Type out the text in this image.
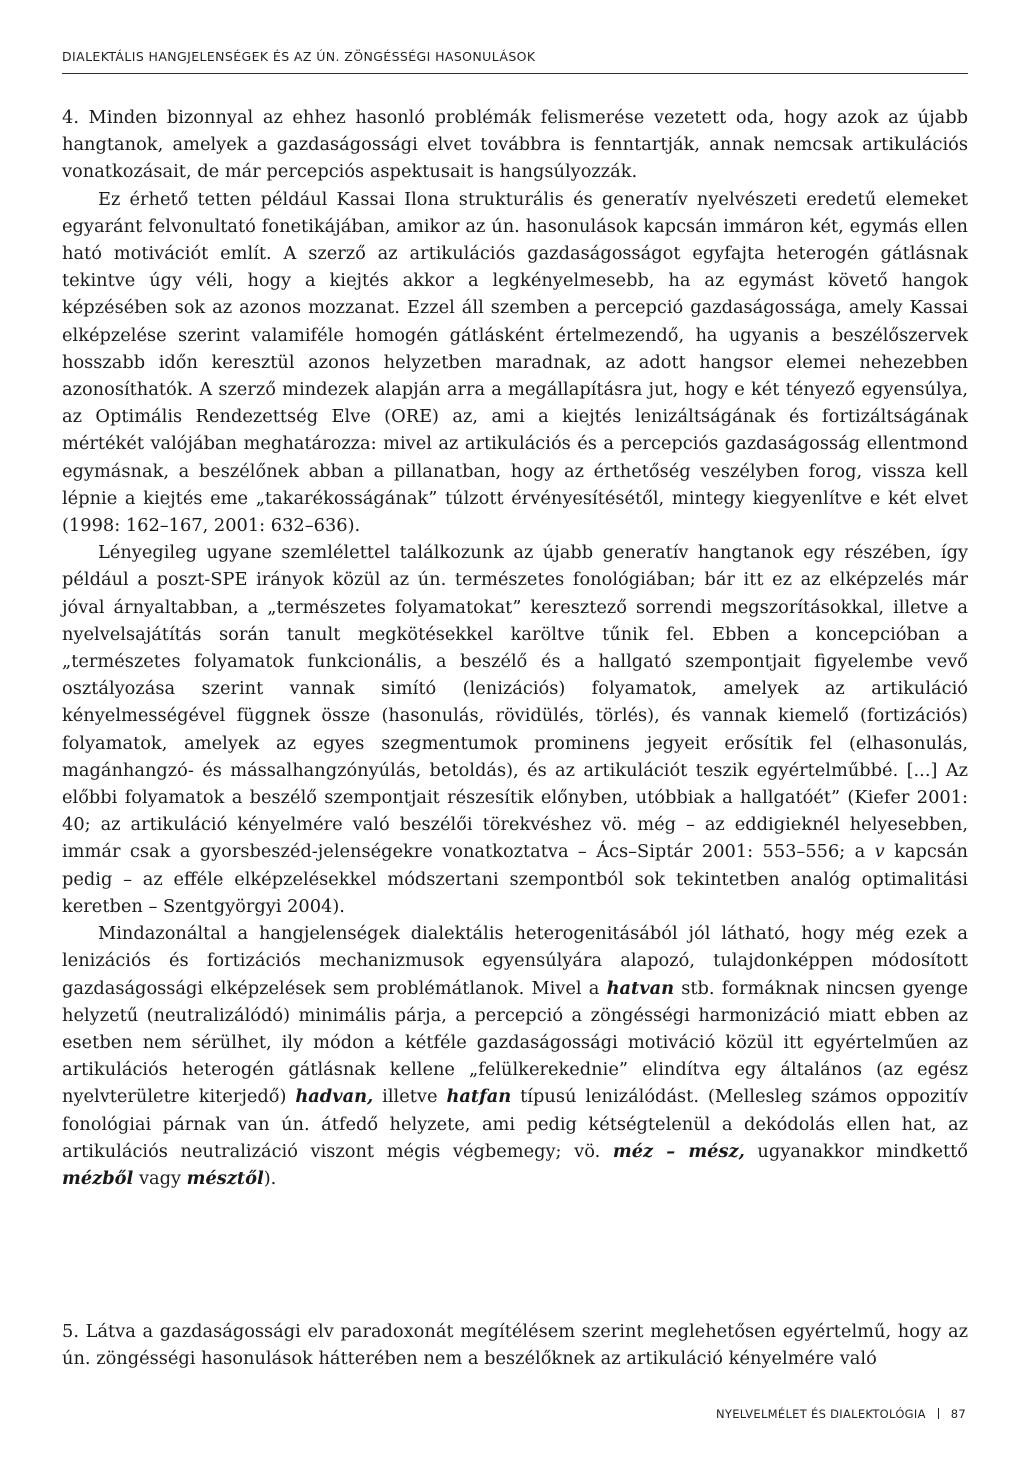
DIALEKTÁLIS HANGJELENSÉGEK ÉS AZ ÚN. ZÖNGÉSSÉGI HASONULÁSOK

4. Minden bizonnyal az ehhez hasonló problémák felismerése vezetett oda, hogy azok az újabb hangtanok, amelyek a gazdaságossági elvet továbbra is fenntartják, annak nemcsak artikulációs vonatkozásait, de már percepciós aspektusait is hangsúlyozzák.

Ez érhető tetten például Kassai Ilona strukturális és generatív nyelvészeti eredetű elemeket egyaránt felvonultató fonetikájában, amikor az ún. hasonulások kapcsán immáron két, egymás ellen ható motivációt említ. A szerző az artikulációs gazdaságosságot egyfajta heterogén gátlásnak tekintve úgy véli, hogy a kiejtés akkor a legkényelmesebb, ha az egymást követő hangok képzésében sok az azonos mozzanat. Ezzel áll szemben a percepció gazdaságossága, amely Kassai elképzelése szerint valamiféle homogén gátlásként értelmezendő, ha ugyanis a beszélőszervek hosszabb időn keresztül azonos helyzetben maradnak, az adott hangsor elemei nehezebben azonosíthatók. A szerző mindezek alapján arra a megállapításra jut, hogy e két tényező egyensúlya, az Optimális Rendezettség Elve (ORE) az, ami a kiejtés lenizáltságának és fortizáltságának mértékét valójában meghatározza: mivel az artikulációs és a percepciós gazdaságosság ellentmond egymásnak, a beszélőnek abban a pillanatban, hogy az érthetőség veszélyben forog, vissza kell lépnie a kiejtés eme „takarékosságának” túlzott érvényesítésétől, mintegy kiegyenlítve e két elvet (1998: 162–167, 2001: 632–636).

Lényegileg ugyane szemlélettel találkozunk az újabb generatív hangtanok egy részében, így például a poszt-SPE irányok közül az ún. természetes fonológiában; bár itt ez az elképzelés már jóval árnyaltabban, a „természetes folyamatokat” keresztező sorrendi megszorításokkal, illetve a nyelvelsajátítás során tanult megkötésekkel karöltve tűnik fel. Ebben a koncepcióban a „természetes folyamatok funkcionális, a beszélő és a hallgató szempontjait figyelembe vevő osztályozása szerint vannak simító (lenizációs) folyamatok, amelyek az artikuláció kényelmességével függnek össze (hasonulás, rövidülés, törlés), és vannak kiemelő (fortizációs) folyamatok, amelyek az egyes szegmentumok prominens jegyeit erősítik fel (elhasonulás, magánhangzó- és mássalhangzónyúlás, betoldás), és az artikulációt teszik egyértelműbbé. [...] Az előbbi folyamatok a beszélő szempontjait részesítik előnyben, utóbbiak a hallgatóét” (Kiefer 2001: 40; az artikuláció kényelmére való beszélői törekvéshez vö. még – az eddigieknél helyesebben, immár csak a gyorsbeszéd-jelenségekre vonatkoztatva – Ács–Siptár 2001: 553–556; a v kapcsán pedig – az efféle elképzelésekkel módszertani szempontból sok tekintetben analóg optimalitási keretben – Szentgyörgyi 2004).

Mindazonáltal a hangjelenségek dialektális heterogenitásából jól látható, hogy még ezek a lenizációs és fortizációs mechanizmusok egyensúlyára alapozó, tulajdonképpen módosított gazdaságossági elképzelések sem problémátlanok. Mivel a hatvan stb. formáknak nincsen gyenge helyzetű (neutralizálódó) minimális párja, a percepció a zöngésségi harmonizáció miatt ebben az esetben nem sérülhet, ily módon a kétféle gazdaságossági motiváció közül itt egyértelműen az artikulációs heterogén gátlásnak kellene „felülkerekednie” elindítva egy általános (az egész nyelvterületre kiterjedő) hadvan, illetve hatfan típusú lenizálódást. (Mellesleg számos oppozitív fonológiai párnak van ún. átfedő helyzete, ami pedig kétségtelenül a dekódolás ellen hat, az artikulációs neutralizáció viszont mégis végbemegy; vö. méz – mész, ugyanakkor mindkettő mézből vagy mésztől).

5. Látva a gazdaságossági elv paradoxonát megítélésem szerint meglehetősen egyértelmű, hogy az ún. zöngésségi hasonulások hátterében nem a beszélőknek az artikuláció kényelmére való

NYELVELMÉLET ÉS DIALEKTOLÓGIA 87
